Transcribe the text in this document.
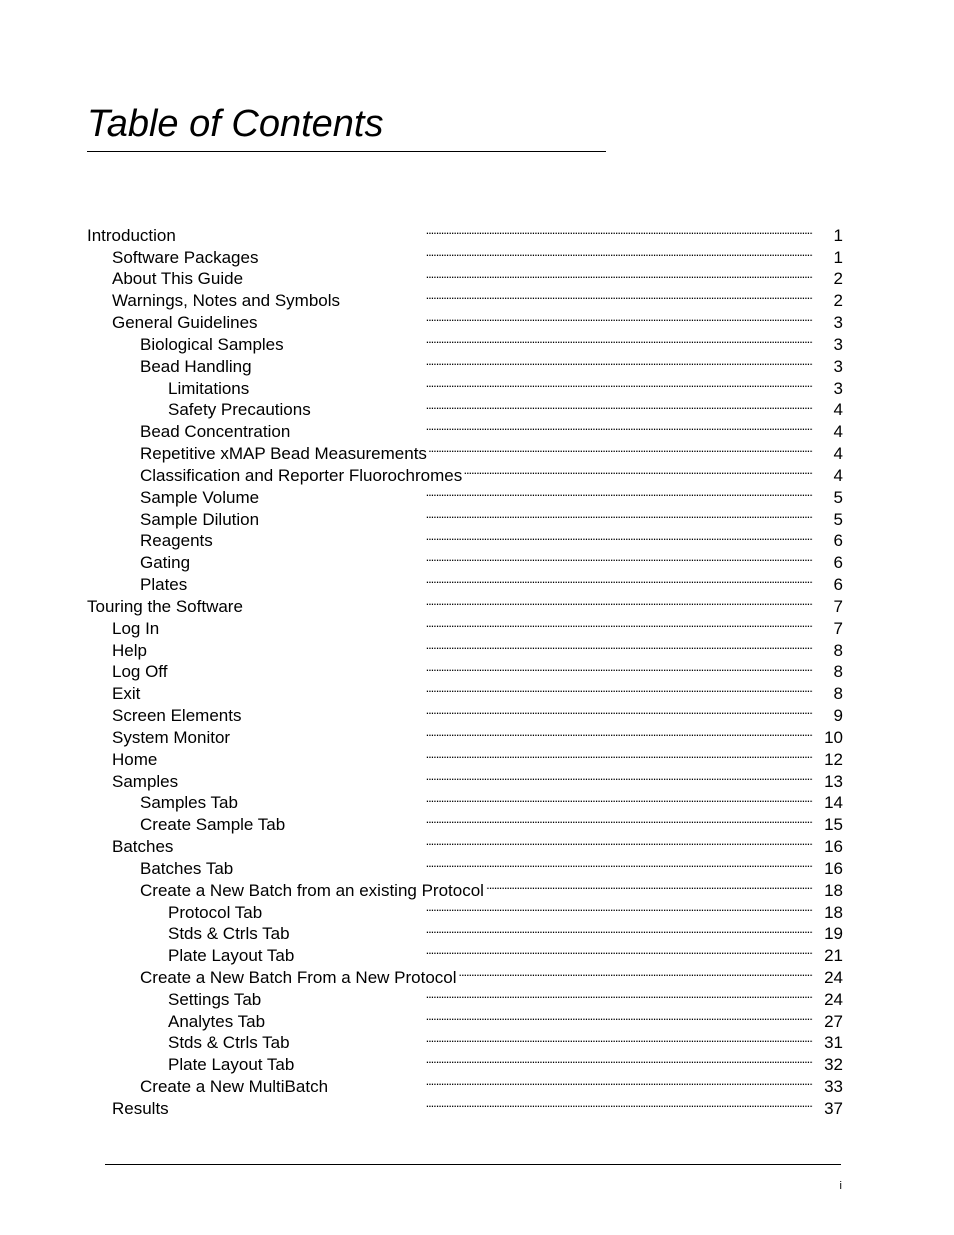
Table of Contents
Introduction . . .	1
Software Packages . . .	1
About This Guide . . .	2
Warnings, Notes and Symbols . . .	2
General Guidelines . . .	3
Biological Samples . . .	3
Bead Handling . . .	3
Limitations . . .	3
Safety Precautions . . .	4
Bead Concentration . . .	4
Repetitive xMAP Bead Measurements . . .	4
Classification and Reporter Fluorochromes . . .	4
Sample Volume . . .	5
Sample Dilution . . .	5
Reagents . . .	6
Gating . . .	6
Plates . . .	6
Touring the Software . . .	7
Log In . . .	7
Help . . .	8
Log Off . . .	8
Exit . . .	8
Screen Elements . . .	9
System Monitor . . .	10
Home . . .	12
Samples . . .	13
Samples Tab . . .	14
Create Sample Tab . . .	15
Batches . . .	16
Batches Tab . . .	16
Create a New Batch from an existing Protocol . . .	18
Protocol Tab . . .	18
Stds & Ctrls Tab . . .	19
Plate Layout Tab . . .	21
Create a New Batch From a New Protocol . . .	24
Settings Tab . . .	24
Analytes Tab . . .	27
Stds & Ctrls Tab . . .	31
Plate Layout Tab . . .	32
Create a New MultiBatch . . .	33
Results . . .	37
i
